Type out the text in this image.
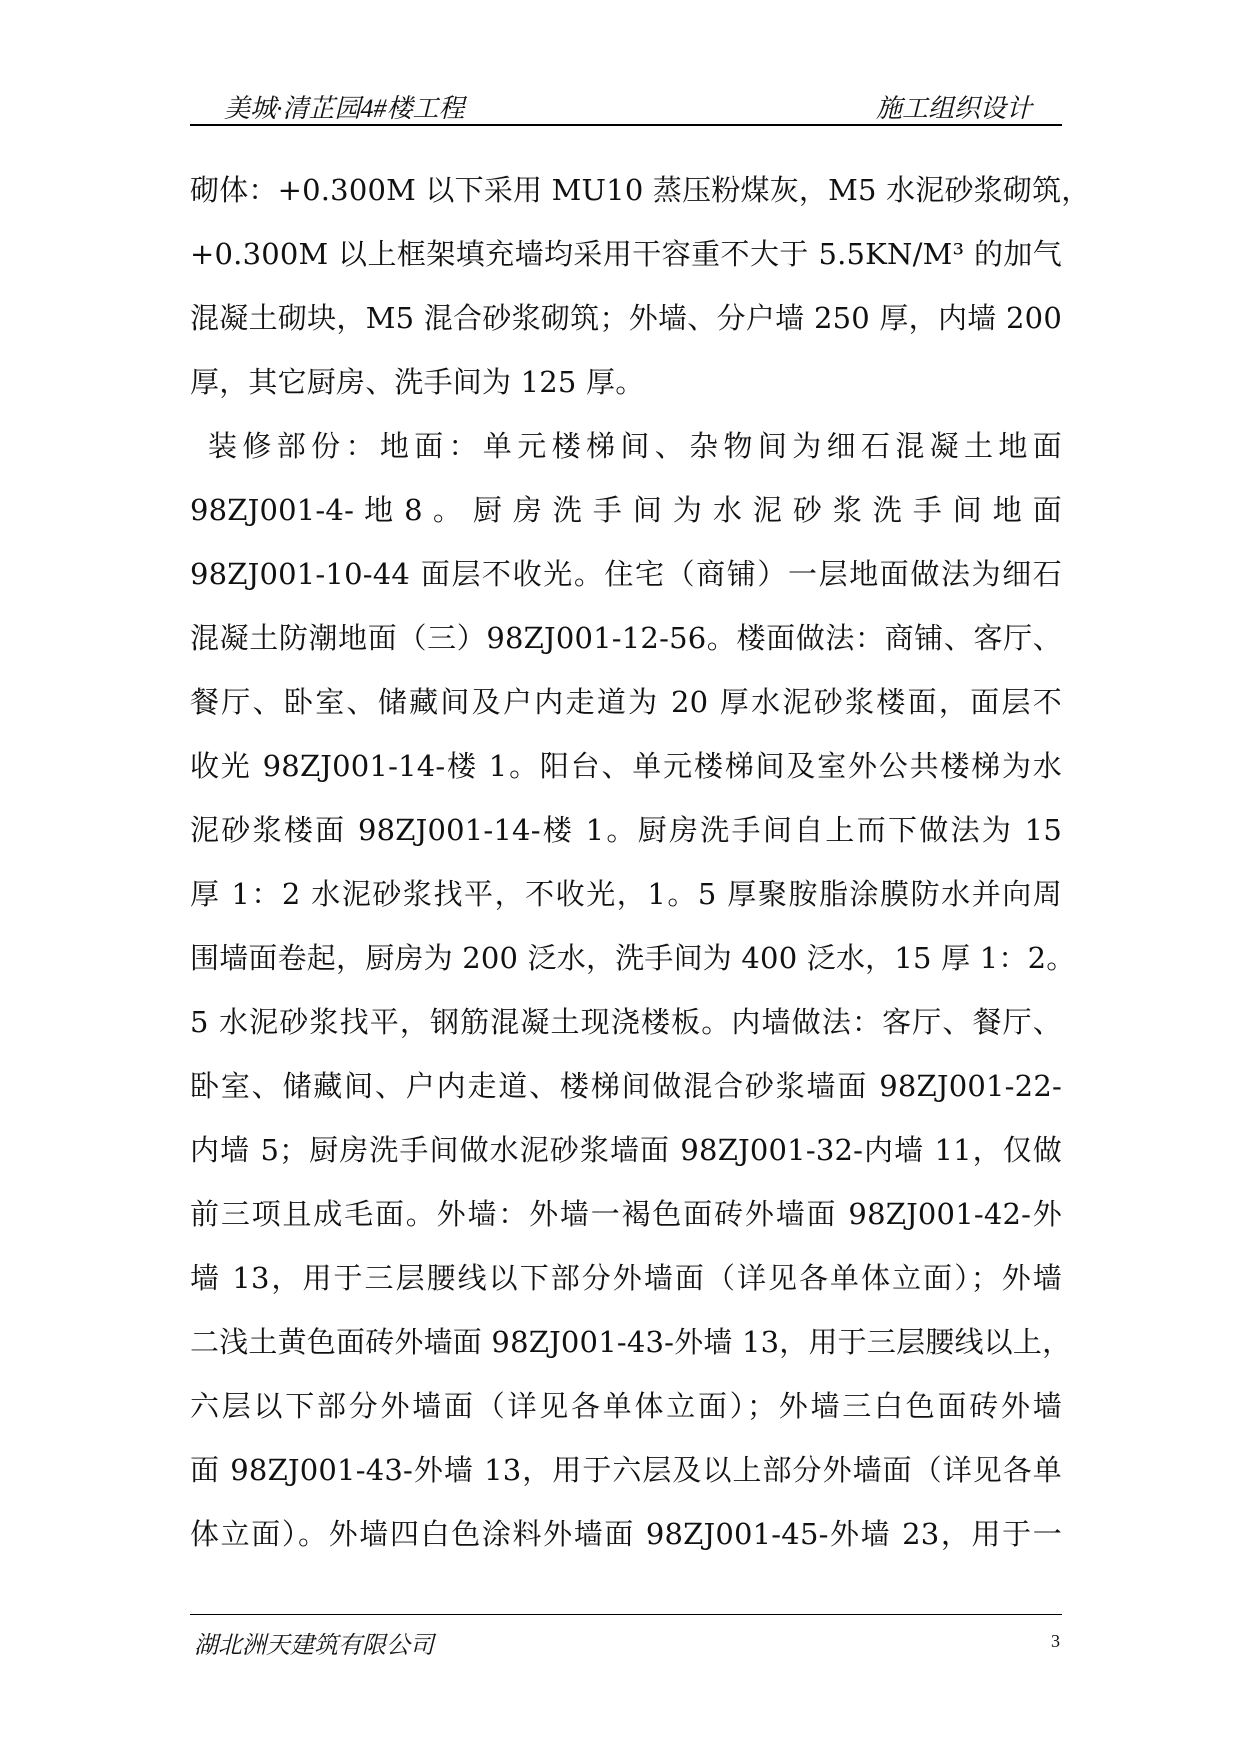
美城·清芷园4#楼工程	施工组织设计
砌体：+0.300M 以下采用 MU10 蒸压粉煤灰，M5 水泥砂浆砌筑，
+0.300M 以上框架填充墙均采用干容重不大于 5.5KN/M³ 的加气
混凝土砌块，M5 混合砂浆砌筑；外墙、分户墙 250 厚，内墙 200
厚，其它厨房、洗手间为 125 厚。
装修部份：地面：单元楼梯间、杂物间为细石混凝土地面
98ZJ001-4- 地 8 。 厨 房 洗 手 间 为 水 泥 砂 浆 洗 手 间 地 面
98ZJ001-10-44 面层不收光。住宅（商铺）一层地面做法为细石
混凝土防潮地面（三）98ZJ001-12-56。楼面做法：商铺、客厅、
餐厅、卧室、储藏间及户内走道为 20 厚水泥砂浆楼面，面层不
收光 98ZJ001-14-楼 1。阳台、单元楼梯间及室外公共楼梯为水
泥砂浆楼面 98ZJ001-14-楼 1。厨房洗手间自上而下做法为 15
厚 1：2 水泥砂浆找平，不收光，1。5 厚聚胺脂涂膜防水并向周
围墙面卷起，厨房为 200 泛水，洗手间为 400 泛水，15 厚 1：2。
5 水泥砂浆找平，钢筋混凝土现浇楼板。内墙做法：客厅、餐厅、
卧室、储藏间、户内走道、楼梯间做混合砂浆墙面 98ZJ001-22-
内墙 5；厨房洗手间做水泥砂浆墙面 98ZJ001-32-内墙 11，仅做
前三项且成毛面。外墙：外墙一褐色面砖外墙面 98ZJ001-42-外
墙 13，用于三层腰线以下部分外墙面（详见各单体立面）；外墙
二浅土黄色面砖外墙面 98ZJ001-43-外墙 13，用于三层腰线以上，
六层以下部分外墙面（详见各单体立面）；外墙三白色面砖外墙
面 98ZJ001-43-外墙 13，用于六层及以上部分外墙面（详见各单
体立面）。外墙四白色涂料外墙面 98ZJ001-45-外墙 23，用于一
湖北洲天建筑有限公司	3
